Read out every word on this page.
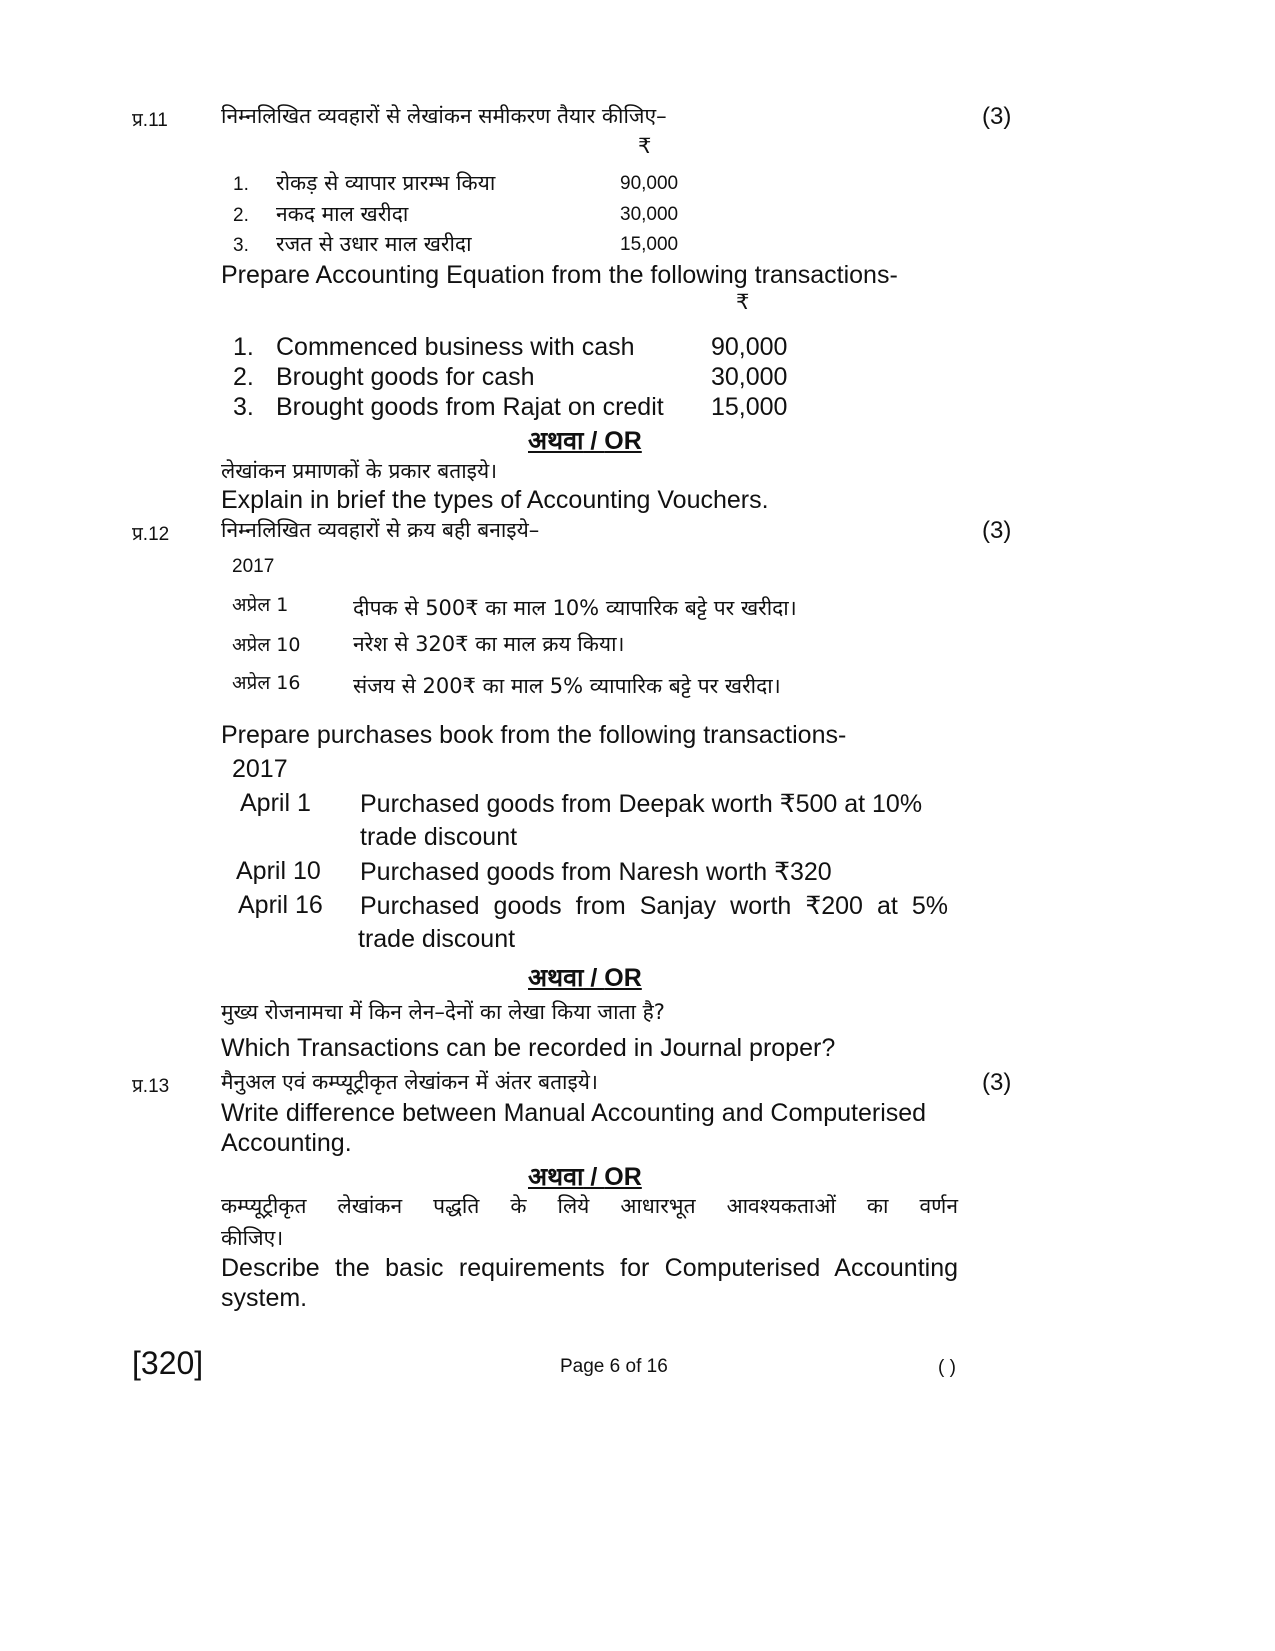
प्र.11	निम्नलिखित व्यवहारों से लेखांकन समीकरण तैयार कीजिए–	(3)
₹
1. रोकड़ से व्यापार प्रारम्भ किया	90,000
2. नकद माल खरीदा	30,000
3. रजत से उधार माल खरीदा	15,000
Prepare Accounting Equation from the following transactions-
₹
1. Commenced business with cash	90,000
2. Brought goods for cash	30,000
3. Brought goods from Rajat on credit 15,000
अथवा / OR
लेखांकन प्रमाणकों के प्रकार बताइये।
Explain in brief the types of Accounting Vouchers.
प्र.12 निम्नलिखित व्यवहारों से क्रय बही बनाइये–	(3)
2017
अप्रेल 1	दीपक से 500₹ का माल 10% व्यापारिक बट्टे पर खरीदा।
अप्रेल 10	नरेश से 320₹ का माल क्रय किया।
अप्रेल 16	संजय से 200₹ का माल 5% व्यापारिक बट्टे पर खरीदा।
Prepare purchases book from the following transactions-
2017
April 1 Purchased goods from Deepak worth ₹500 at 10%
trade discount
April 10 Purchased goods from Naresh worth ₹320
April 16 Purchased goods from Sanjay worth ₹200 at 5%
trade discount
अथवा / OR
मुख्य रोजनामचा में किन लेन–देनों का लेखा किया जाता है?
Which Transactions can be recorded in Journal proper?
प्र.13 मैनुअल एवं कम्प्यूट्रीकृत लेखांकन में अंतर बताइये।	(3)
Write difference between Manual Accounting and Computerised
Accounting.
अथवा / OR
कम्प्यूट्रीकृत लेखांकन पद्धति के लिये आधारभूत आवश्यकताओं का वर्णन
कीजिए।
Describe the basic requirements for Computerised Accounting
system.
[320]	Page 6 of 16	( )
